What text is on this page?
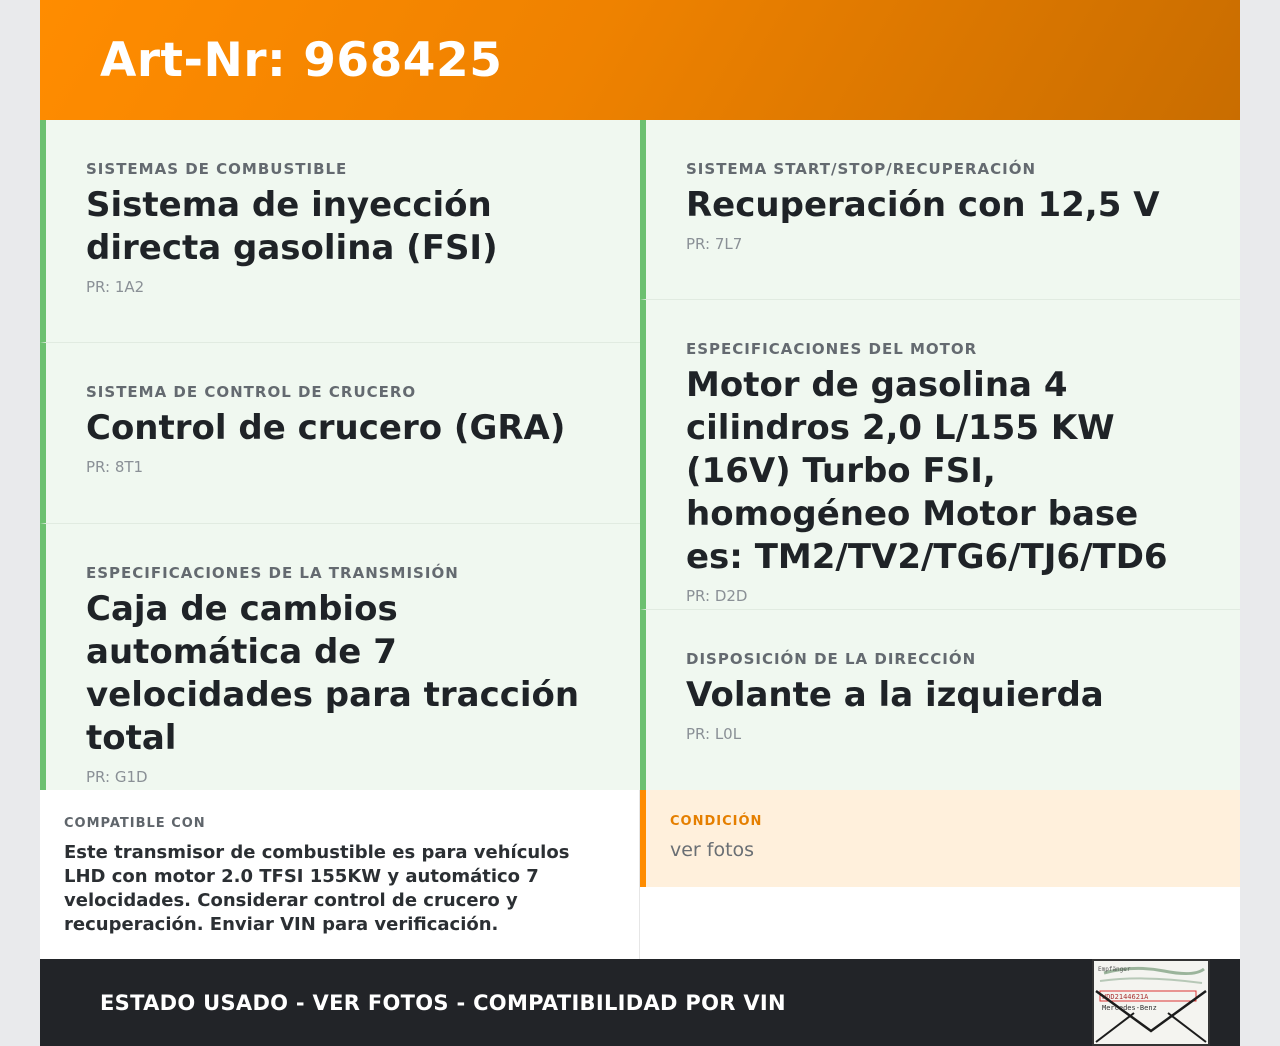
Art-Nr: 968425
SISTEMAS DE COMBUSTIBLE

Sistema de inyección directa gasolina (FSI)

PR: 1A2
SISTEMA DE CONTROL DE CRUCERO

Control de crucero (GRA)

PR: 8T1
ESPECIFICACIONES DE LA TRANSMISIÓN

Caja de cambios automática de 7 velocidades para tracción total

PR: G1D
SISTEMA START/STOP/RECUPERACIÓN

Recuperación con 12,5 V

PR: 7L7
ESPECIFICACIONES DEL MOTOR

Motor de gasolina 4 cilindros 2,0 L/155 KW (16V) Turbo FSI, homogéneo Motor base es: TM2/TV2/TG6/TJ6/TD6

PR: D2D
DISPOSICIÓN DE LA DIRECCIÓN

Volante a la izquierda

PR: L0L
COMPATIBLE CON
Este transmisor de combustible es para vehículos LHD con motor 2.0 TFSI 155KW y automático 7 velocidades. Considerar control de crucero y recuperación. Enviar VIN para verificación.
CONDICIÓN
ver fotos
ESTADO USADO - VER FOTOS - COMPATIBILIDAD POR VIN
Empfänger
WDD2144621A
Mercedes-Benz
